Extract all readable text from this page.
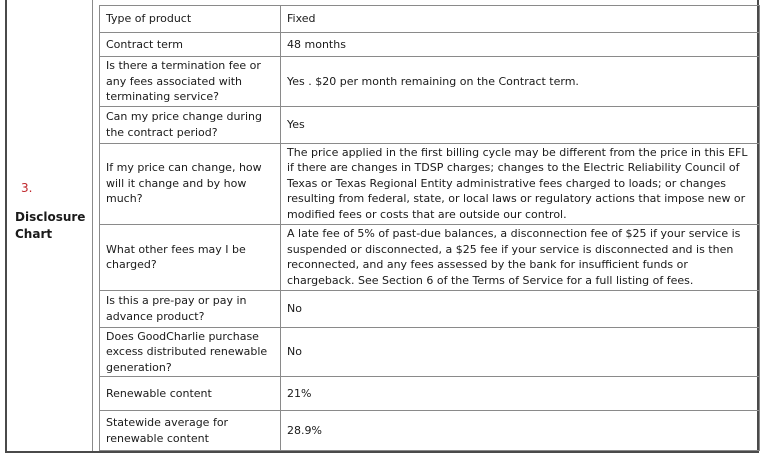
3.
Disclosure
Chart
Type of product	Fixed
Contract term	48 months
Is there a termination fee or any fees associated with terminating service?	Yes . $20 per month remaining on the Contract term.
Can my price change during the contract period?	Yes
If my price can change, how will it change and by how much?	The price applied in the first billing cycle may be different from the price in this EFL if there are changes in TDSP charges; changes to the Electric Reliability Council of Texas or Texas Regional Entity administrative fees charged to loads; or changes resulting from federal, state, or local laws or regulatory actions that impose new or modified fees or costs that are outside our control.
What other fees may I be charged?	A late fee of 5% of past-due balances, a disconnection fee of $25 if your service is suspended or disconnected, a $25 fee if your service is disconnected and is then reconnected, and any fees assessed by the bank for insufficient funds or chargeback. See Section 6 of the Terms of Service for a full listing of fees.
Is this a pre-pay or pay in advance product?	No
Does GoodCharlie purchase excess distributed renewable generation?	No
Renewable content	21%
Statewide average for renewable content	28.9%
